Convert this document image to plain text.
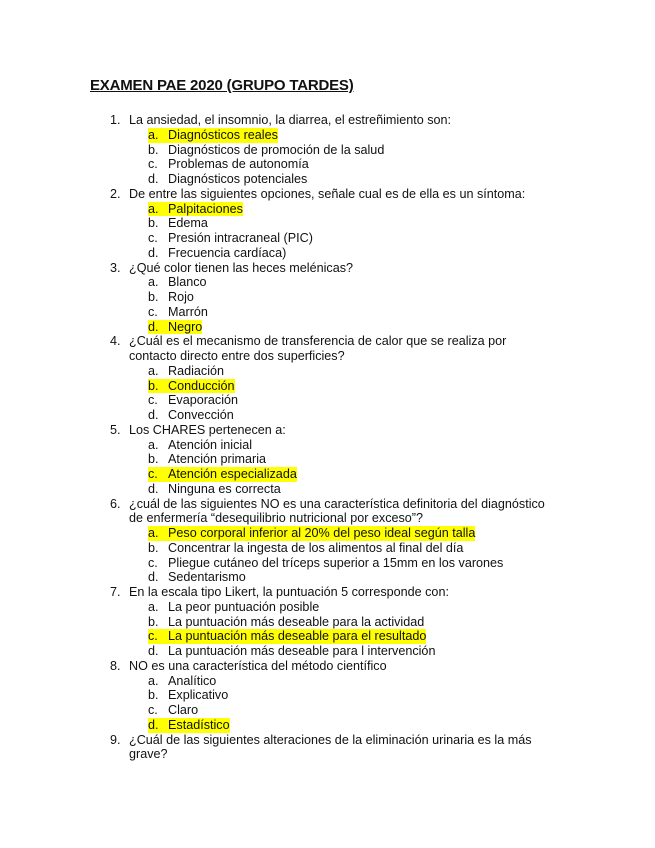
EXAMEN PAE 2020 (GRUPO TARDES)
1. La ansiedad, el insomnio, la diarrea, el estreñimiento son:
a. Diagnósticos reales
b. Diagnósticos de promoción de la salud
c. Problemas de autonomía
d. Diagnósticos potenciales
2. De entre las siguientes opciones, señale cual es de ella es un síntoma:
a. Palpitaciones
b. Edema
c. Presión intracraneal (PIC)
d. Frecuencia cardíaca)
3. ¿Qué color tienen las heces melénicas?
a. Blanco
b. Rojo
c. Marrón
d. Negro
4. ¿Cuál es el mecanismo de transferencia de calor que se realiza por
contacto directo entre dos superficies?
a. Radiación
b. Conducción
c. Evaporación
d. Convección
5. Los CHARES pertenecen a:
a. Atención inicial
b. Atención primaria
c. Atención especializada
d. Ninguna es correcta
6. ¿cuál de las siguientes NO es una característica definitoria del diagnóstico
de enfermería “desequilibrio nutricional por exceso”?
a. Peso corporal inferior al 20% del peso ideal según talla
b. Concentrar la ingesta de los alimentos al final del día
c. Pliegue cutáneo del tríceps superior a 15mm en los varones
d. Sedentarismo
7. En la escala tipo Likert, la puntuación 5 corresponde con:
a. La peor puntuación posible
b. La puntuación más deseable para la actividad
c. La puntuación más deseable para el resultado
d. La puntuación más deseable para l intervención
8. NO es una característica del método científico
a. Analítico
b. Explicativo
c. Claro
d. Estadístico
9. ¿Cuál de las siguientes alteraciones de la eliminación urinaria es la más
grave?
